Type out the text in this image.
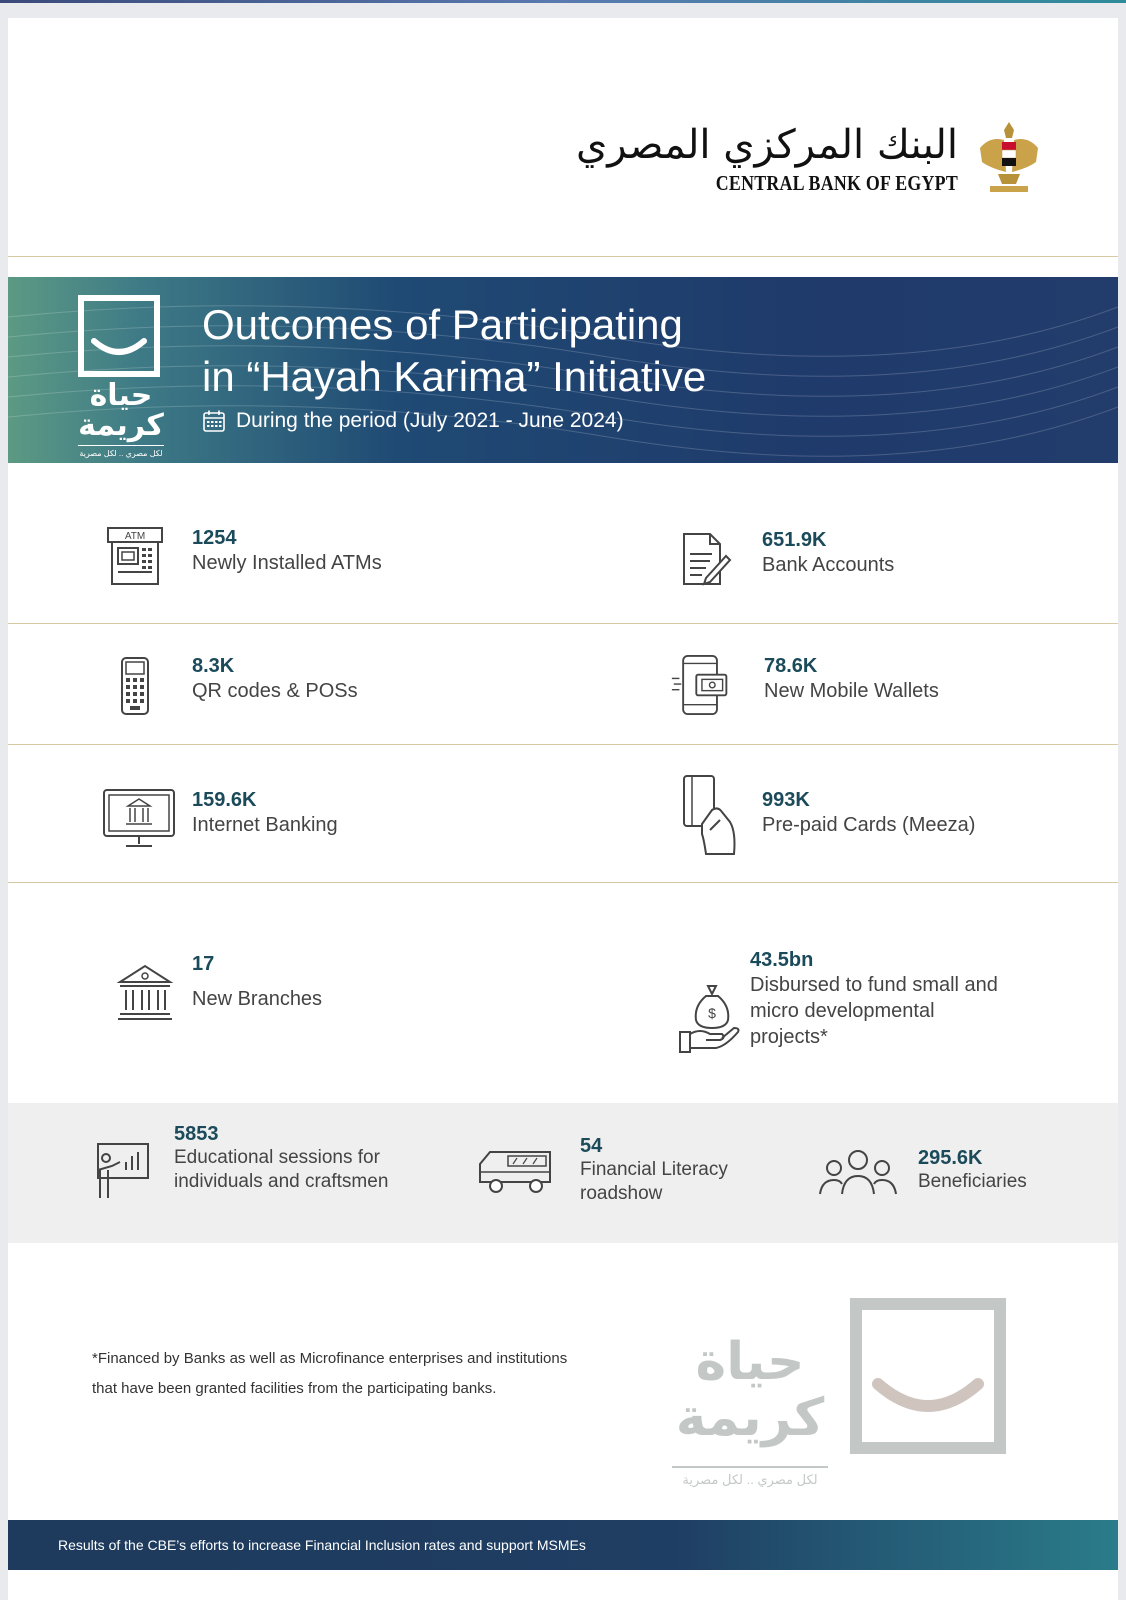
البنك المركزي المصري
CENTRAL BANK OF EGYPT
حياة كريمة
لكل مصري .. لكل مصرية
Outcomes of Participating
in “Hayah Karima” Initiative
During the period (July 2021 - June 2024)
ATM 1254
Newly Installed ATMs
651.9K
Bank Accounts
8.3K
QR codes & POSs
78.6K
New Mobile Wallets
159.6K
Internet Banking
993K
Pre-paid Cards (Meeza)
17
New Branches
$
43.5bn
Disbursed to fund small and micro developmental projects*
5853
Educational sessions for individuals and craftsmen
54
Financial Literacy roadshow
295.6K
Beneficiaries
*Financed by Banks as well as Microfinance enterprises and institutions that have been granted facilities from the participating banks.	حياة كريمة
لكل مصري .. لكل مصرية
Results of the CBE’s efforts to increase Financial Inclusion rates and support MSMEs
